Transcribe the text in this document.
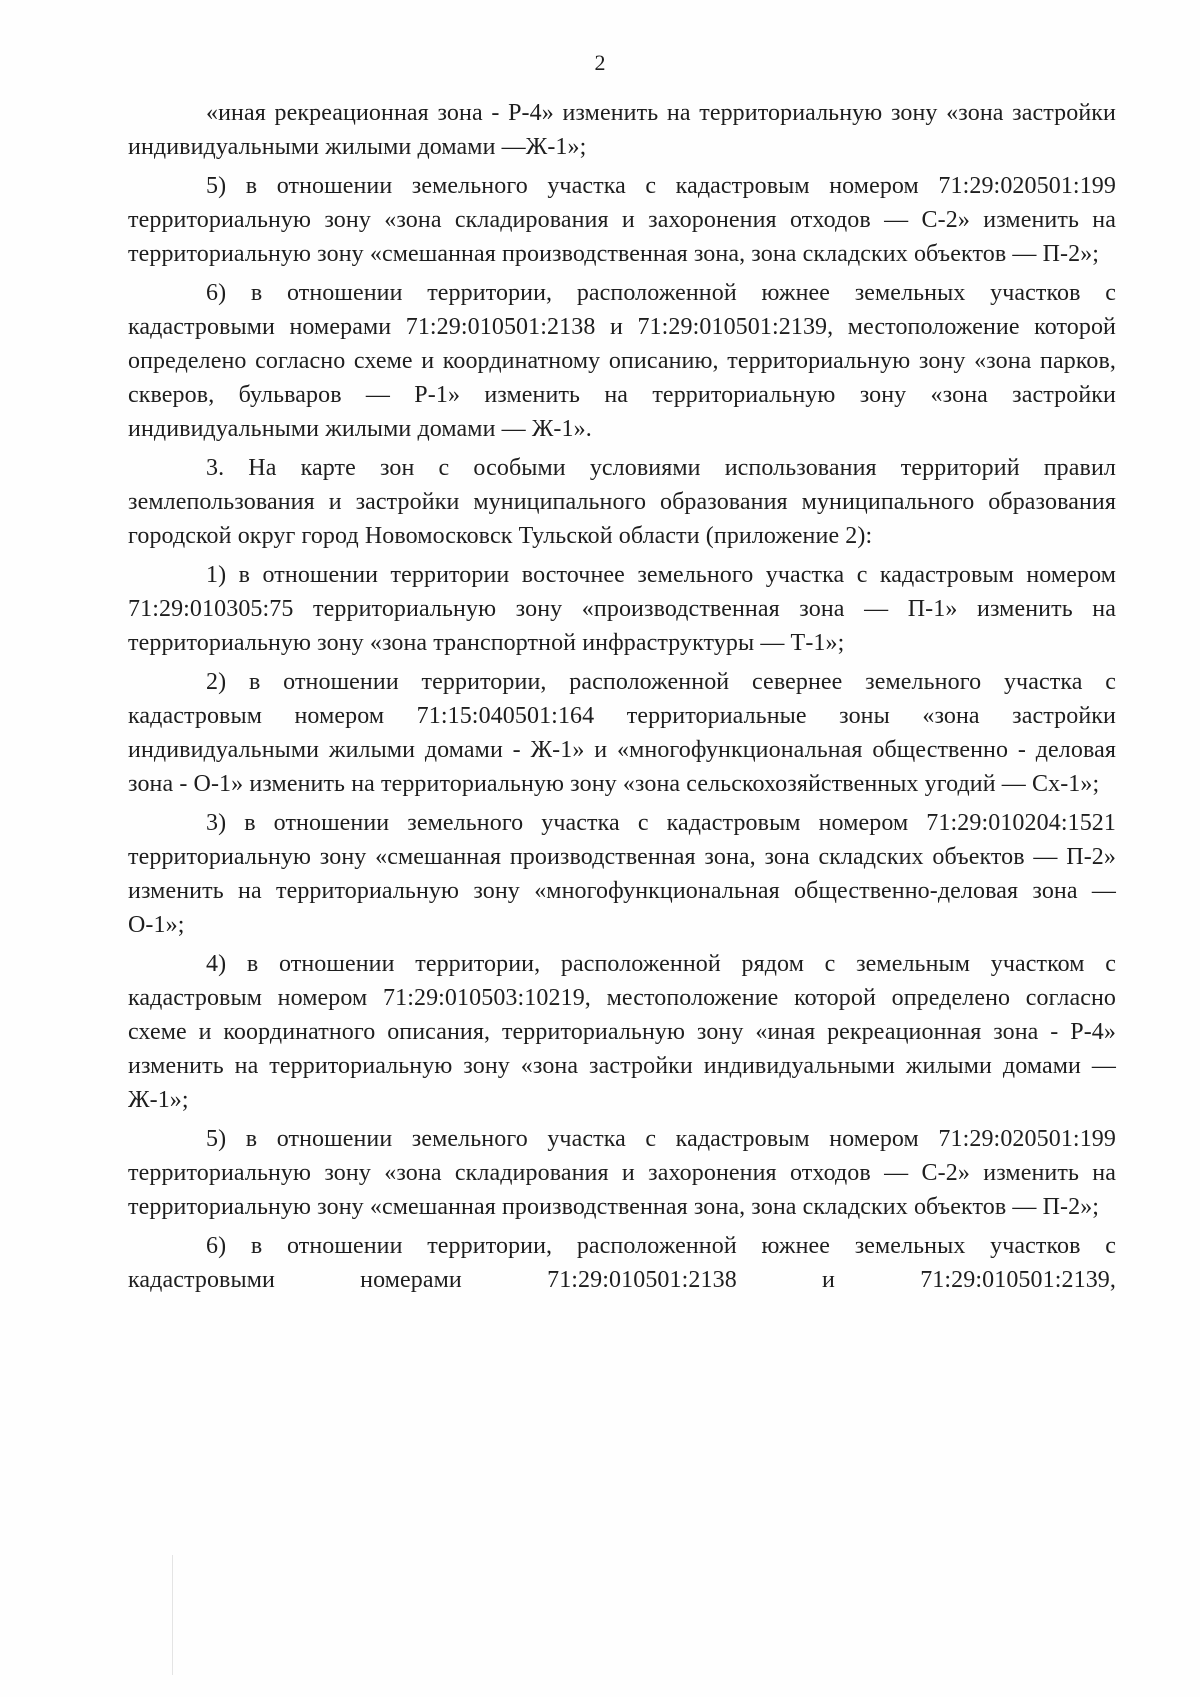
2

«иная рекреационная зона - Р-4» изменить на территориальную зону «зона застройки индивидуальными жилыми домами —Ж-1»;

5) в отношении земельного участка с кадастровым номером 71:29:020501:199 территориальную зону «зона складирования и захоронения отходов — С-2» изменить на территориальную зону «смешанная производственная зона, зона складских объектов — П-2»;

6) в отношении территории, расположенной южнее земельных участков с кадастровыми номерами 71:29:010501:2138 и 71:29:010501:2139, местоположение которой определено согласно схеме и координатному описанию, территориальную зону «зона парков, скверов, бульваров — Р-1» изменить на территориальную зону «зона застройки индивидуальными жилыми домами — Ж-1».

3. На карте зон с особыми условиями использования территорий правил землепользования и застройки муниципального образования муниципального образования городской округ город Новомосковск Тульской области (приложение 2):

1) в отношении территории восточнее земельного участка с кадастровым номером 71:29:010305:75 территориальную зону «производственная зона — П-1» изменить на территориальную зону «зона транспортной инфраструктуры — Т-1»;

2) в отношении территории, расположенной севернее земельного участка с кадастровым номером 71:15:040501:164 территориальные зоны «зона застройки индивидуальными жилыми домами - Ж-1» и «многофункциональная общественно - деловая зона - О-1» изменить на территориальную зону «зона сельскохозяйственных угодий — Сх-1»;

3) в отношении земельного участка с кадастровым номером 71:29:010204:1521 территориальную зону «смешанная производственная зона, зона складских объектов — П-2» изменить на территориальную зону «многофункциональная общественно-деловая зона — О-1»;

4) в отношении территории, расположенной рядом с земельным участком с кадастровым номером 71:29:010503:10219, местоположение которой определено согласно схеме и координатного описания, территориальную зону «иная рекреационная зона - Р-4» изменить на территориальную зону «зона застройки индивидуальными жилыми домами — Ж-1»;

5) в отношении земельного участка с кадастровым номером 71:29:020501:199 территориальную зону «зона складирования и захоронения отходов — С-2» изменить на территориальную зону «смешанная производственная зона, зона складских объектов — П-2»;

6) в отношении территории, расположенной южнее земельных участков с кадастровыми номерами 71:29:010501:2138 и 71:29:010501:2139,
